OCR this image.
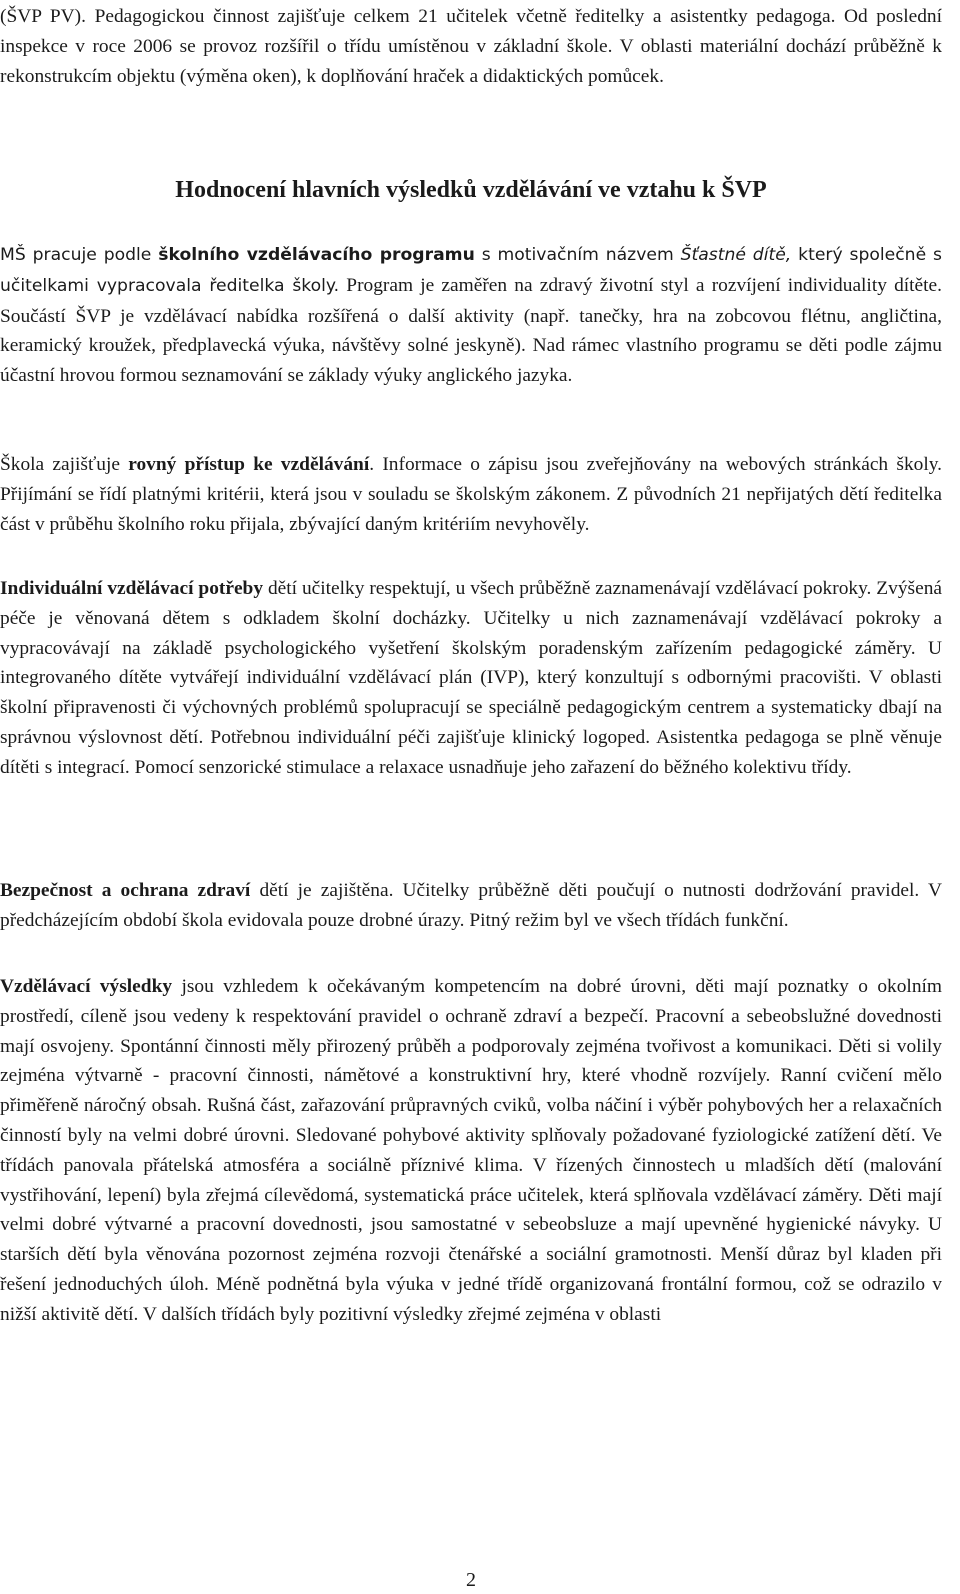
(ŠVP PV). Pedagogickou činnost zajišťuje celkem 21 učitelek včetně ředitelky a asistentky pedagoga. Od poslední inspekce v roce 2006 se provoz rozšířil o třídu umístěnou v základní škole. V oblasti materiální dochází průběžně k rekonstrukcím objektu (výměna oken), k doplňování hraček a didaktických pomůcek.

Hodnocení hlavních výsledků vzdělávání ve vztahu k ŠVP

MŠ pracuje podle školního vzdělávacího programu s motivačním názvem Šťastné dítě, který společně s učitelkami vypracovala ředitelka školy. Program je zaměřen na zdravý životní styl a rozvíjení individuality dítěte. Součástí ŠVP je vzdělávací nabídka rozšířená o další aktivity (např. tanečky, hra na zobcovou flétnu, angličtina, keramický kroužek, předplavecká výuka, návštěvy solné jeskyně). Nad rámec vlastního programu se děti podle zájmu účastní hrovou formou seznamování se základy výuky anglického jazyka.

Škola zajišťuje rovný přístup ke vzdělávání. Informace o zápisu jsou zveřejňovány na webových stránkách školy. Přijímání se řídí platnými kritérii, která jsou v souladu se školským zákonem. Z původních 21 nepřijatých dětí ředitelka část v průběhu školního roku přijala, zbývající daným kritériím nevyhověly.

Individuální vzdělávací potřeby dětí učitelky respektují, u všech průběžně zaznamenávají vzdělávací pokroky. Zvýšená péče je věnovaná dětem s odkladem školní docházky. Učitelky u nich zaznamenávají vzdělávací pokroky a vypracovávají na základě psychologického vyšetření školským poradenským zařízením pedagogické záměry. U integrovaného dítěte vytvářejí individuální vzdělávací plán (IVP), který konzultují s odbornými pracovišti. V oblasti školní připravenosti či výchovných problémů spolupracují se speciálně pedagogickým centrem a systematicky dbají na správnou výslovnost dětí. Potřebnou individuální péči zajišťuje klinický logoped. Asistentka pedagoga se plně věnuje dítěti s integrací. Pomocí senzorické stimulace a relaxace usnadňuje jeho zařazení do běžného kolektivu třídy.

Bezpečnost a ochrana zdraví dětí je zajištěna. Učitelky průběžně děti poučují o nutnosti dodržování pravidel. V předcházejícím období škola evidovala pouze drobné úrazy. Pitný režim byl ve všech třídách funkční.

Vzdělávací výsledky jsou vzhledem k očekávaným kompetencím na dobré úrovni, děti mají poznatky o okolním prostředí, cíleně jsou vedeny k respektování pravidel o ochraně zdraví a bezpečí. Pracovní a sebeobslužné dovednosti mají osvojeny. Spontánní činnosti měly přirozený průběh a podporovaly zejména tvořivost a komunikaci. Děti si volily zejména výtvarně - pracovní činnosti, námětové a konstruktivní hry, které vhodně rozvíjely. Ranní cvičení mělo přiměřeně náročný obsah. Rušná část, zařazování průpravných cviků, volba náčiní i výběr pohybových her a relaxačních činností byly na velmi dobré úrovni. Sledované pohybové aktivity splňovaly požadované fyziologické zatížení dětí. Ve třídách panovala přátelská atmosféra a sociálně příznivé klima. V řízených činnostech u mladších dětí (malování vystřihování, lepení) byla zřejmá cílevědomá, systematická práce učitelek, která splňovala vzdělávací záměry. Děti mají velmi dobré výtvarné a pracovní dovednosti, jsou samostatné v sebeobsluze a mají upevněné hygienické návyky. U starších dětí byla věnována pozornost zejména rozvoji čtenářské a sociální gramotnosti. Menší důraz byl kladen při řešení jednoduchých úloh. Méně podnětná byla výuka v jedné třídě organizovaná frontální formou, což se odrazilo v nižší aktivitě dětí. V dalších třídách byly pozitivní výsledky zřejmé zejména v oblasti

2
